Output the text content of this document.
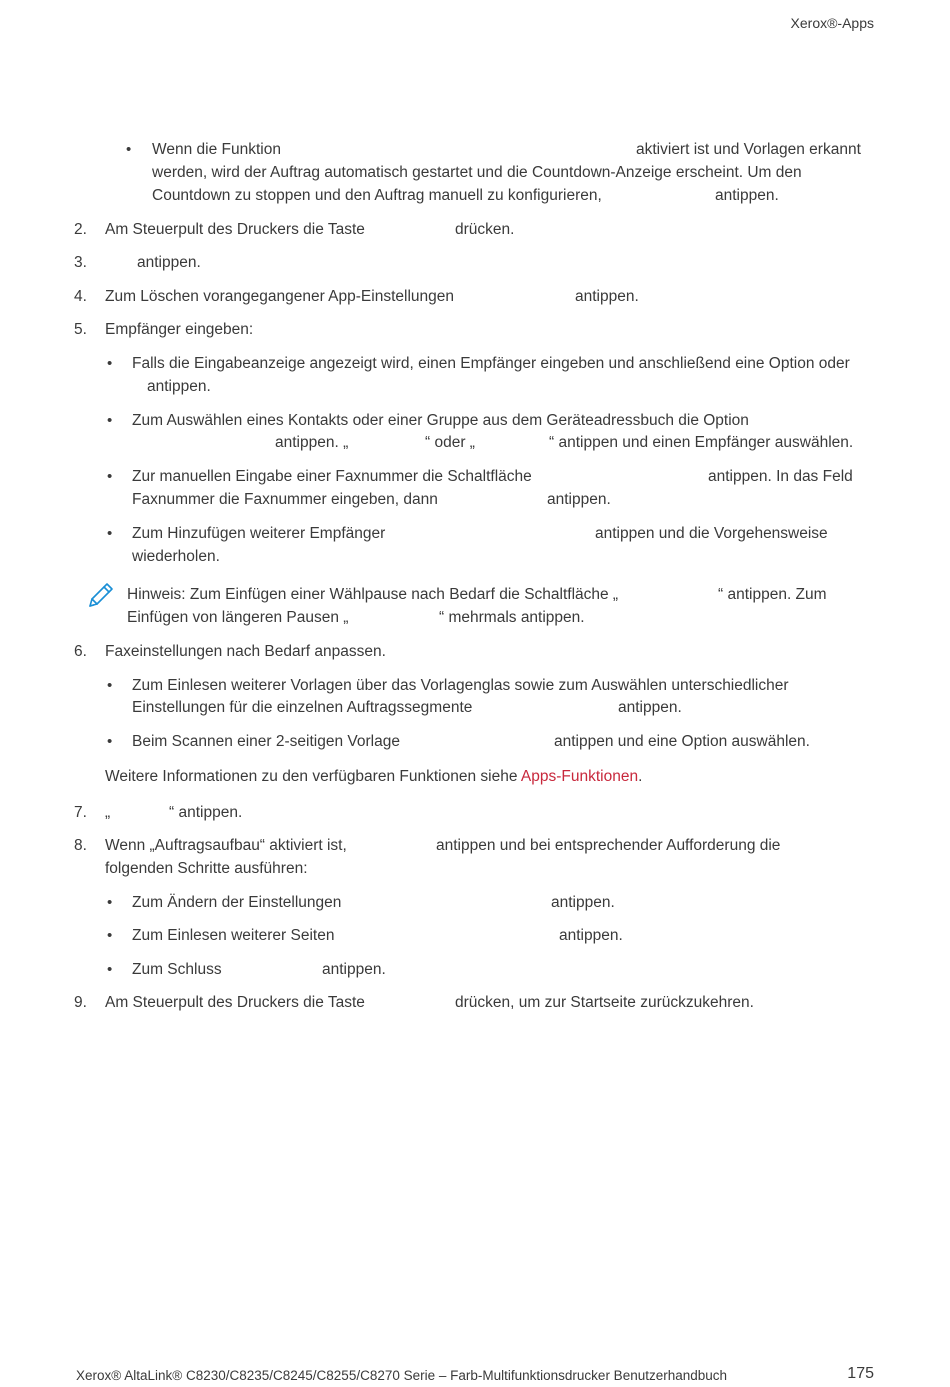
Xerox®-Apps
• Wenn die Funktion	aktiviert ist und Vorlagen erkannt
werden, wird der Auftrag automatisch gestartet und die Countdown-Anzeige erscheint. Um den
Countdown zu stoppen und den Auftrag manuell zu konfigurieren,	antippen.
2. Am Steuerpult des Druckers die Taste	drücken.
3.	antippen.
4. Zum Löschen vorangegangener App-Einstellungen	antippen.
5. Empfänger eingeben:
• Falls die Eingabeanzeige angezeigt wird, einen Empfänger eingeben und anschließend eine Option oder
antippen.
• Zum Auswählen eines Kontakts oder einer Gruppe aus dem Geräteadressbuch die Option
antippen. „	“ oder „	“ antippen und einen Empfänger auswählen.
• Zur manuellen Eingabe einer Faxnummer die Schaltfläche	antippen. In das Feld
Faxnummer die Faxnummer eingeben, dann	antippen.
• Zum Hinzufügen weiterer Empfänger	antippen und die Vorgehensweise
wiederholen.
Hinweis: Zum Einfügen einer Wählpause nach Bedarf die Schaltfläche „	“ antippen. Zum
Einfügen von längeren Pausen „	“ mehrmals antippen.
6. Faxeinstellungen nach Bedarf anpassen.
• Zum Einlesen weiterer Vorlagen über das Vorlagenglas sowie zum Auswählen unterschiedlicher
Einstellungen für die einzelnen Auftragssegmente	antippen.
• Beim Scannen einer 2-seitigen Vorlage	antippen und eine Option auswählen.
Weitere Informationen zu den verfügbaren Funktionen siehe Apps-Funktionen.
7. „	“ antippen.
8. Wenn „Auftragsaufbau“ aktiviert ist,	antippen und bei entsprechender Aufforderung die
folgenden Schritte ausführen:
• Zum Ändern der Einstellungen	antippen.
• Zum Einlesen weiterer Seiten	antippen.
• Zum Schluss	antippen.
9. Am Steuerpult des Druckers die Taste	drücken, um zur Startseite zurückzukehren.
Xerox® AltaLink® C8230/C8235/C8245/C8255/C8270 Serie – Farb-Multifunktionsdrucker Benutzerhandbuch	175
